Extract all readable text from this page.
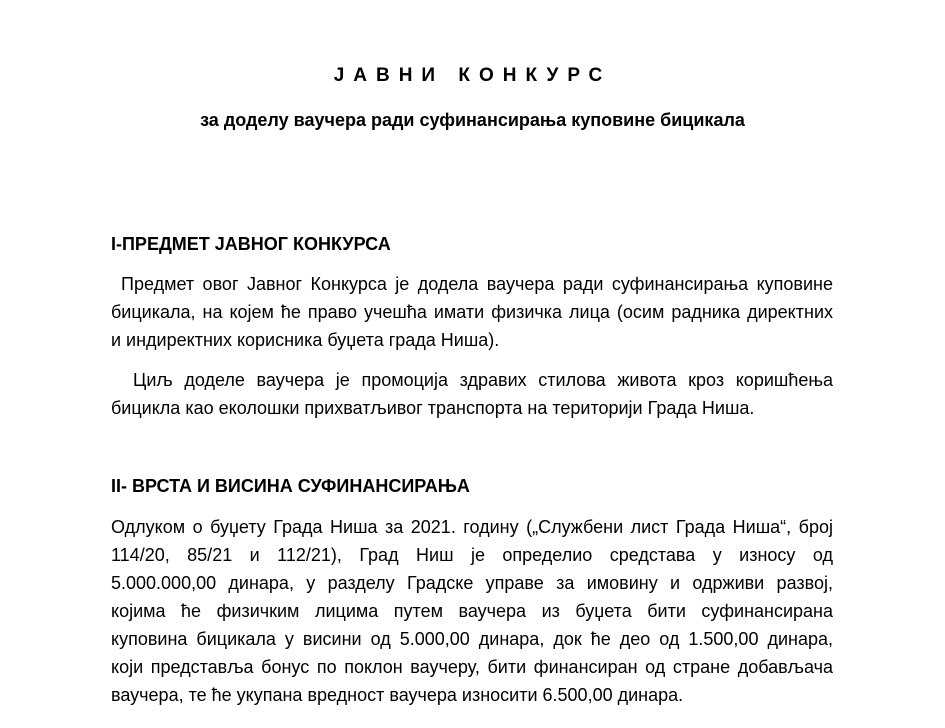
ЈАВНИ КОНКУРС
за доделу ваучера ради суфинансирања куповине бицикала
I-ПРЕДМЕТ ЈАВНОГ КОНКУРСА

Предмет овог Јавног Конкурса је додела ваучера ради суфинансирања куповине
бицикала, на којем ће право учешћа имати физичка лица (осим радника директних
и индиректних корисника буџета града Ниша).

Циљ доделе ваучера је промоција здравих стилова живота кроз коришћења
бицикла као еколошки прихватљивог транспорта на територији Града Ниша.

II- ВРСТА И ВИСИНА СУФИНАНСИРАЊА

Одлуком о буџету Града Ниша за 2021. годину („Службени лист Града Ниша“, број
114/20, 85/21 и 112/21), Град Ниш је определио средстава у износу од
5.000.000,00 динара, у разделу Градске управе за имовину и одрживи развој,
којима ће физичким лицима путем ваучера из буџета бити суфинансирана
куповина бицикала у висини од 5.000,00 динара, док ће део од 1.500,00 динара,
који представља бонус по поклон ваучеру, бити финансиран од стране добављача
ваучера, те ће укупана вредност ваучера износити 6.500,00 динара.
